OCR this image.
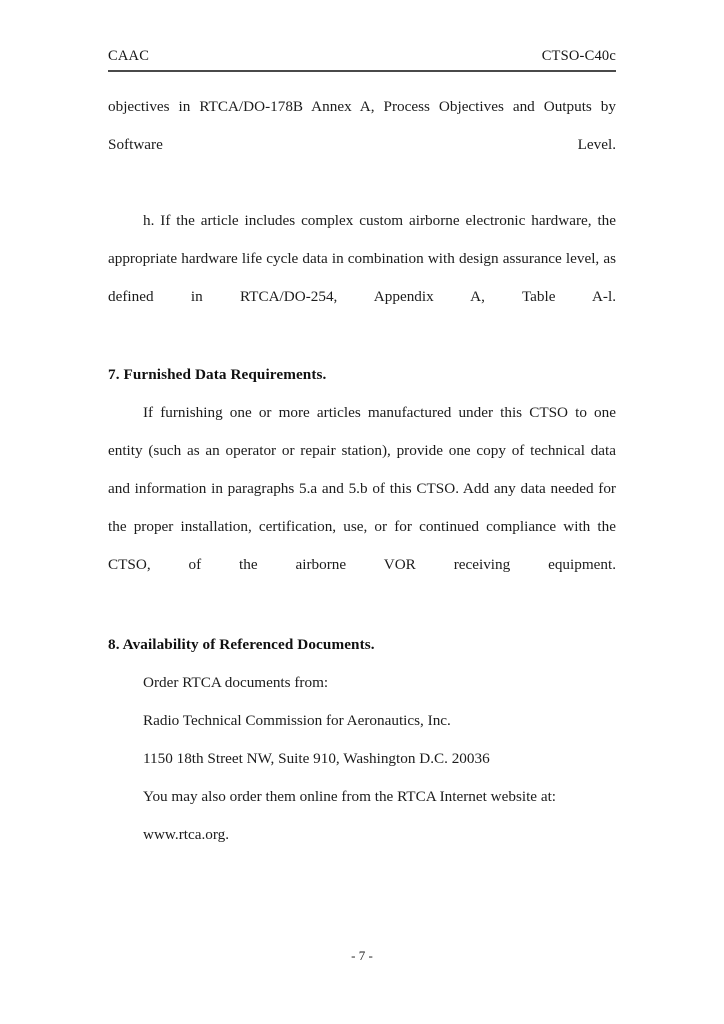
CAAC	CTSO-C40c

objectives in RTCA/DO-178B Annex A, Process Objectives and Outputs by Software Level.

h. If the article includes complex custom airborne electronic hardware, the appropriate hardware life cycle data in combination with design assurance level, as defined in RTCA/DO-254, Appendix A, Table A-l.

7. Furnished Data Requirements.

If furnishing one or more articles manufactured under this CTSO to one entity (such as an operator or repair station), provide one copy of technical data and information in paragraphs 5.a and 5.b of this CTSO. Add any data needed for the proper installation, certification, use, or for continued compliance with the CTSO, of the airborne VOR receiving equipment.

8. Availability of Referenced Documents.
Order RTCA documents from:
Radio Technical Commission for Aeronautics, Inc.
1150 18th Street NW, Suite 910, Washington D.C. 20036
You may also order them online from the RTCA Internet website at:
www.rtca.org.
- 7 -
